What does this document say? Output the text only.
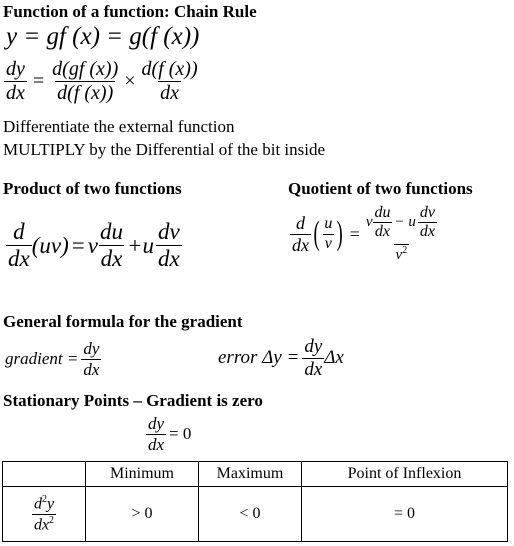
Function of a function: Chain Rule
y = gf (x) = g(f (x))
$\frac{dy}{dx} = \frac{d(gf (x))}{d(f (x))} \times \frac{d(f (x))}{dx}$
Differentiate the external function
MULTIPLY by the Differential of the bit inside
Product of two functions
$\frac{d}{dx} (uv) = v \frac{du}{dx} +u \frac{dv}{dx}$
Quotient of two functions
$\frac{d}{dx}$ ( $\frac{u}{v}$ ) =
v $\frac{du}{dx} - u \frac{dv}{dx}$
$v^2$
General formula for the gradient
gradient = $\frac{dy}{dx}$	error $\Delta y = \frac{dy}{dx}$ Δx
Stationary Points – Gradient is zero
$\frac{dy}{dx} = 0$
	Minimum	Maximum	Point of Inflexion

$\frac{d^2y}{dx^2}$	> 0	< 0	= 0
